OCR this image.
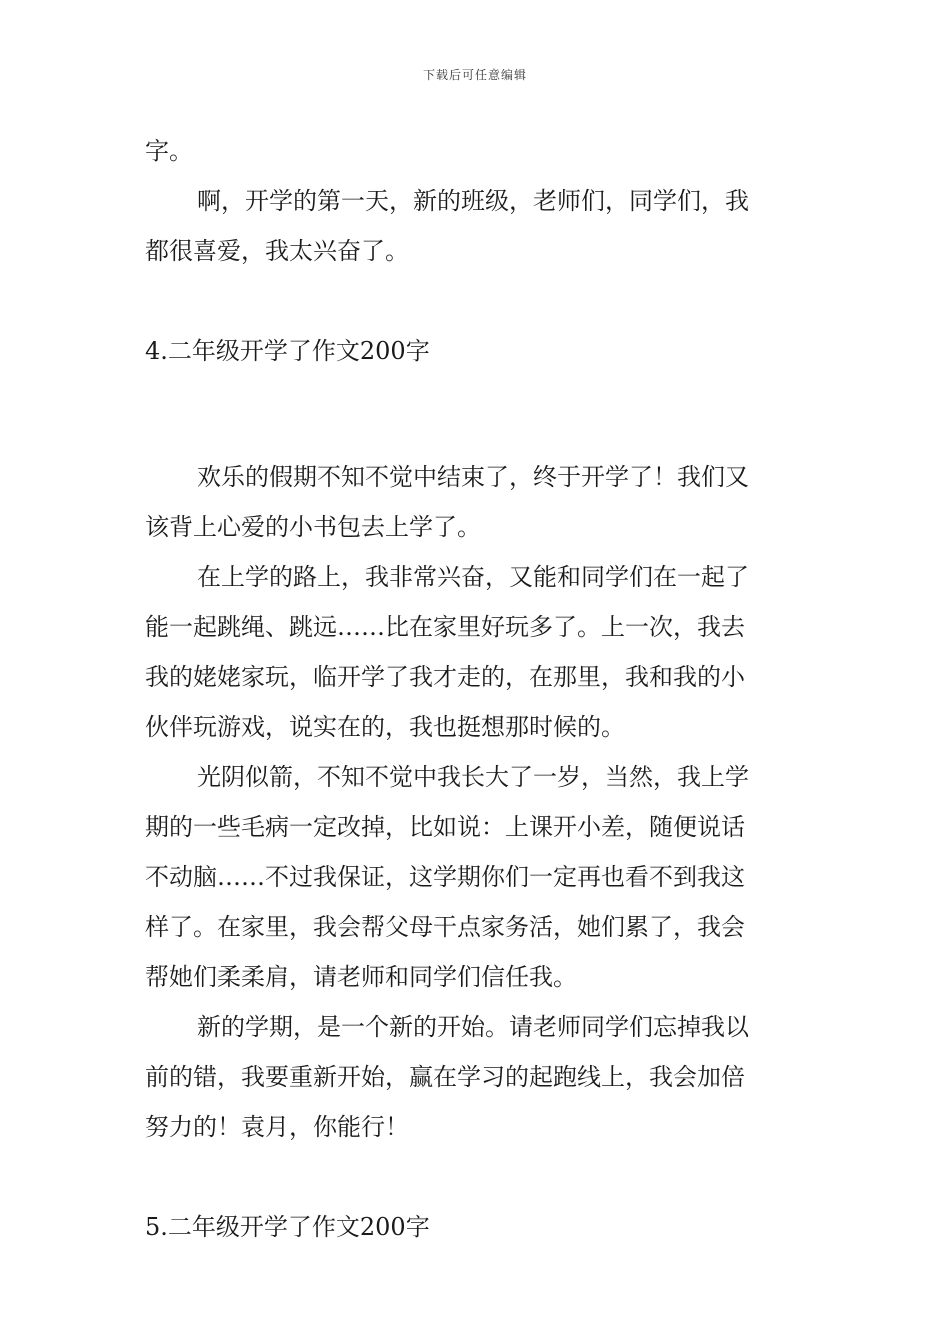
下载后可任意编辑
字。
啊，开学的第一天，新的班级，老师们，同学们，我
都很喜爱，我太兴奋了。
4.二年级开学了作文200字
欢乐的假期不知不觉中结束了，终于开学了！我们又
该背上心爱的小书包去上学了。
在上学的路上，我非常兴奋，又能和同学们在一起了
能一起跳绳、跳远……比在家里好玩多了。上一次，我去
我的姥姥家玩，临开学了我才走的，在那里，我和我的小
伙伴玩游戏，说实在的，我也挺想那时候的。
光阴似箭，不知不觉中我长大了一岁，当然，我上学
期的一些毛病一定改掉，比如说：上课开小差，随便说话
不动脑……不过我保证，这学期你们一定再也看不到我这
样了。在家里，我会帮父母干点家务活，她们累了，我会
帮她们柔柔肩，请老师和同学们信任我。
新的学期，是一个新的开始。请老师同学们忘掉我以
前的错，我要重新开始，赢在学习的起跑线上，我会加倍
努力的！袁月，你能行！
5.二年级开学了作文200字
